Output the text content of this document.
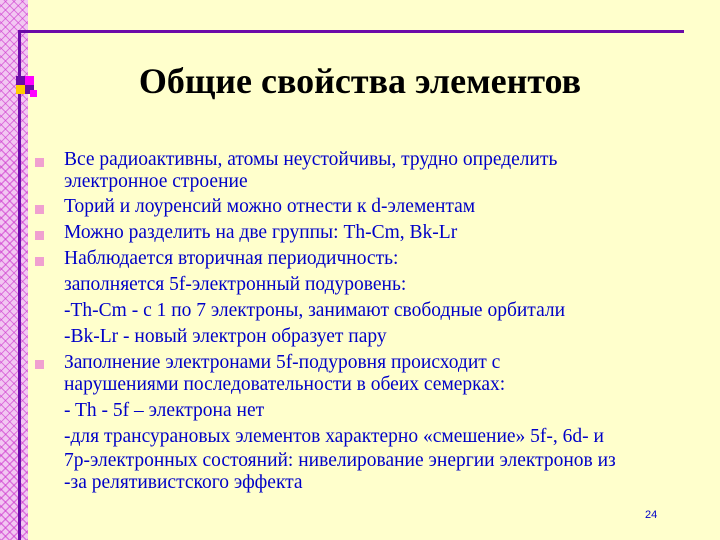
Общие свойства элементов
Все радиоактивны, атомы неустойчивы, трудно определить
электронное строение
Торий и лоуренсий можно отнести к d-элементам
Можно разделить на две группы: Th-Cm, Bk-Lr
Наблюдается вторичная периодичность:
заполняется 5f-электронный подуровень:
-Th-Cm - с 1 по 7 электроны, занимают свободные орбитали
-Bk-Lr - новый электрон образует пару
Заполнение электронами 5f-подуровня происходит с
нарушениями последовательности в обеих семерках:
- Th - 5f – электрона нет
-для трансурановых элементов характерно «смешение» 5f-, 6d- и
7p-электронных состояний: нивелирование энергии электронов из
-за релятивистского эффекта
24
